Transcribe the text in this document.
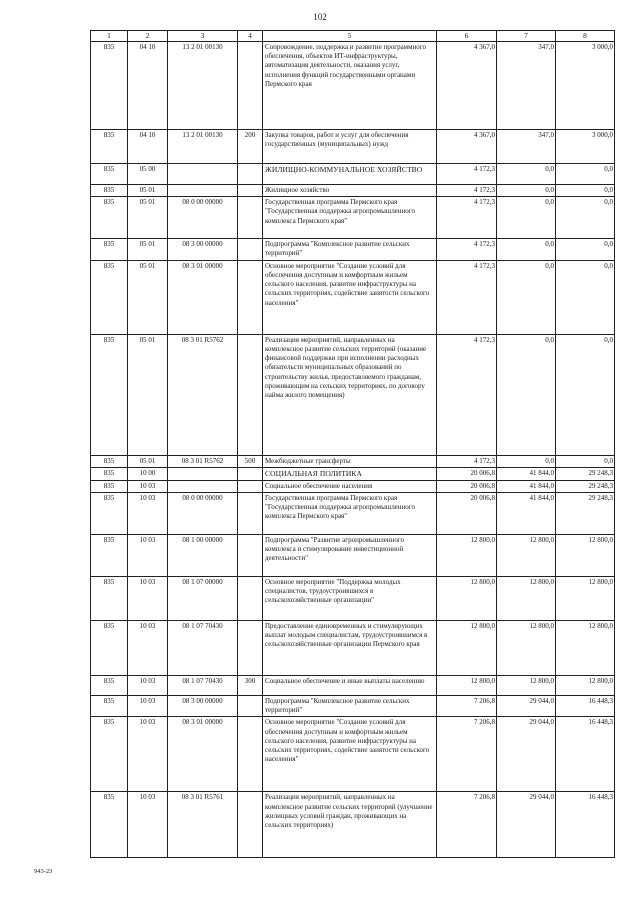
102
1	2	3	4	5	6	7	8
835	04 10	13 2 01 00130		Сопровождение, поддержка и развитие программного обеспечения, объектов ИТ-инфраструктуры, автоматизация деятельности, оказания услуг, исполнения функций государственными органами Пермского края	4 367,0	347,0	3 000,0
835	04 10	13 2 01 00130	200	Закупка товаров, работ и услуг для обеспечения государственных (муниципальных) нужд	4 367,0	347,0	3 000,0
835	05 00			ЖИЛИЩНО-КОММУНАЛЬНОЕ ХОЗЯЙСТВО	4 172,3	0,0	0,0
835	05 01			Жилищное хозяйство	4 172,3	0,0	0,0
835	05 01	08 0 00 00000		Государственная программа Пермского края "Государственная поддержка агропромышленного комплекса Пермского края"	4 172,3	0,0	0,0
835	05 01	08 3 00 00000		Подпрограмма "Комплексное развитие сельских территорий"	4 172,3	0,0	0,0
835	05 01	08 3 01 00000		Основное мероприятие "Создание условий для обеспечения доступным и комфортным жильем сельского населения, развитие инфраструктуры на сельских территориях, содействие занятости сельского населения"	4 172,3	0,0	0,0
835	05 01	08 3 01 R5762		Реализация мероприятий, направленных на комплексное развитие сельских территорий (оказание финансовой поддержки при исполнении расходных обязательств муниципальных образований по строительству жилья, предоставляемого гражданам, проживающим на сельских территориях, по договору найма жилого помещения)	4 172,3	0,0	0,0
835	05 01	08 3 01 R5762	500	Межбюджетные трансферты	4 172,3	0,0	0,0
835	10 00			СОЦИАЛЬНАЯ ПОЛИТИКА	20 006,8	41 844,0	29 248,3
835	10 03			Социальное обеспечение населения	20 006,8	41 844,0	29 248,3
835	10 03	08 0 00 00000		Государственная программа Пермского края "Государственная поддержка агропромышленного комплекса Пермского края"	20 006,8	41 844,0	29 248,3
835	10 03	08 1 00 00000		Подпрограмма "Развитие агропромышленного комплекса и стимулирование инвестиционной деятельности"	12 800,0	12 800,0	12 800,0
835	10 03	08 1 07 00000		Основное мероприятие "Поддержка молодых специалистов, трудоустроившихся в сельскохозяйственные организации"	12 800,0	12 800,0	12 800,0
835	10 03	08 1 07 70430		Предоставление единовременных и стимулирующих выплат молодым специалистам, трудоустроившимся в сельскохозяйственные организации Пермского края	12 800,0	12 800,0	12 800,0
835	10 03	08 1 07 70430	300	Социальное обеспечение и иные выплаты населению	12 800,0	12 800,0	12 800,0
835	10 03	08 3 00 00000		Подпрограмма "Комплексное развитие сельских территорий"	7 206,8	29 044,0	16 448,3
835	10 03	08 3 01 00000		Основное мероприятие "Создание условий для обеспечения доступным и комфортным жильем сельского населения, развитие инфраструктуры на сельских территориях, содействие занятости сельского населения"	7 206,8	29 044,0	16 448,3
835	10 03	08 3 01 R5761		Реализация мероприятий, направленных на комплексное развитие сельских территорий (улучшение жилищных условий граждан, проживающих на сельских территориях)	7 206,8	29 044,0	16 448,3
943-23
